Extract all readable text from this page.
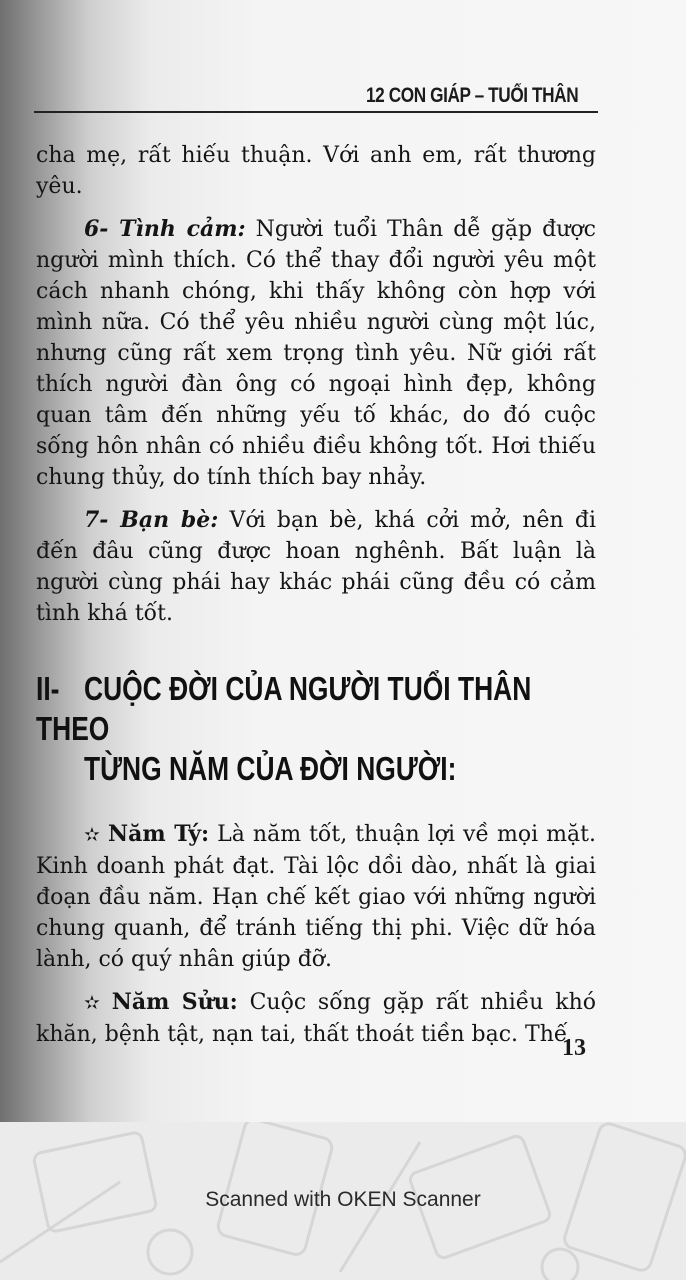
12 CON GIÁP – TUỔI THÂN

cha mẹ, rất hiếu thuận. Với anh em, rất thương yêu.

6- Tình cảm: Người tuổi Thân dễ gặp được người mình thích. Có thể thay đổi người yêu một cách nhanh chóng, khi thấy không còn hợp với mình nữa. Có thể yêu nhiều người cùng một lúc, nhưng cũng rất xem trọng tình yêu. Nữ giới rất thích người đàn ông có ngoại hình đẹp, không quan tâm đến những yếu tố khác, do đó cuộc sống hôn nhân có nhiều điều không tốt. Hơi thiếu chung thủy, do tính thích bay nhảy.

7- Bạn bè: Với bạn bè, khá cởi mở, nên đi đến đâu cũng được hoan nghênh. Bất luận là người cùng phái hay khác phái cũng đều có cảm tình khá tốt.

II- CUỘC ĐỜI CỦA NGƯỜI TUỔI THÂN THEO
TỪNG NĂM CỦA ĐỜI NGƯỜI:

✫ Năm Tý: Là năm tốt, thuận lợi về mọi mặt. Kinh doanh phát đạt. Tài lộc dồi dào, nhất là giai đoạn đầu năm. Hạn chế kết giao với những người chung quanh, để tránh tiếng thị phi. Việc dữ hóa lành, có quý nhân giúp đỡ.

✫ Năm Sửu: Cuộc sống gặp rất nhiều khó khăn, bệnh tật, nạn tai, thất thoát tiền bạc. Thế

13
Scanned with OKEN Scanner
